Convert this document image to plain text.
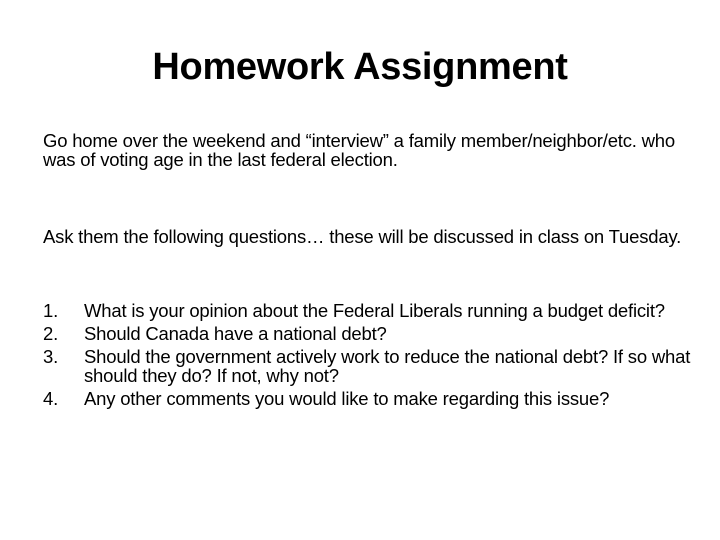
Homework Assignment
Go home over the weekend and “interview” a family member/neighbor/etc. who was of voting age in the last federal election.
Ask them the following questions… these will be discussed in class on Tuesday.
1.	What is your opinion about the Federal Liberals running a budget deficit?
2.	Should Canada have a national debt?
3.	Should the government actively work to reduce the national debt? If so what should they do? If not, why not?
4.	Any other comments you would like to make regarding this issue?
